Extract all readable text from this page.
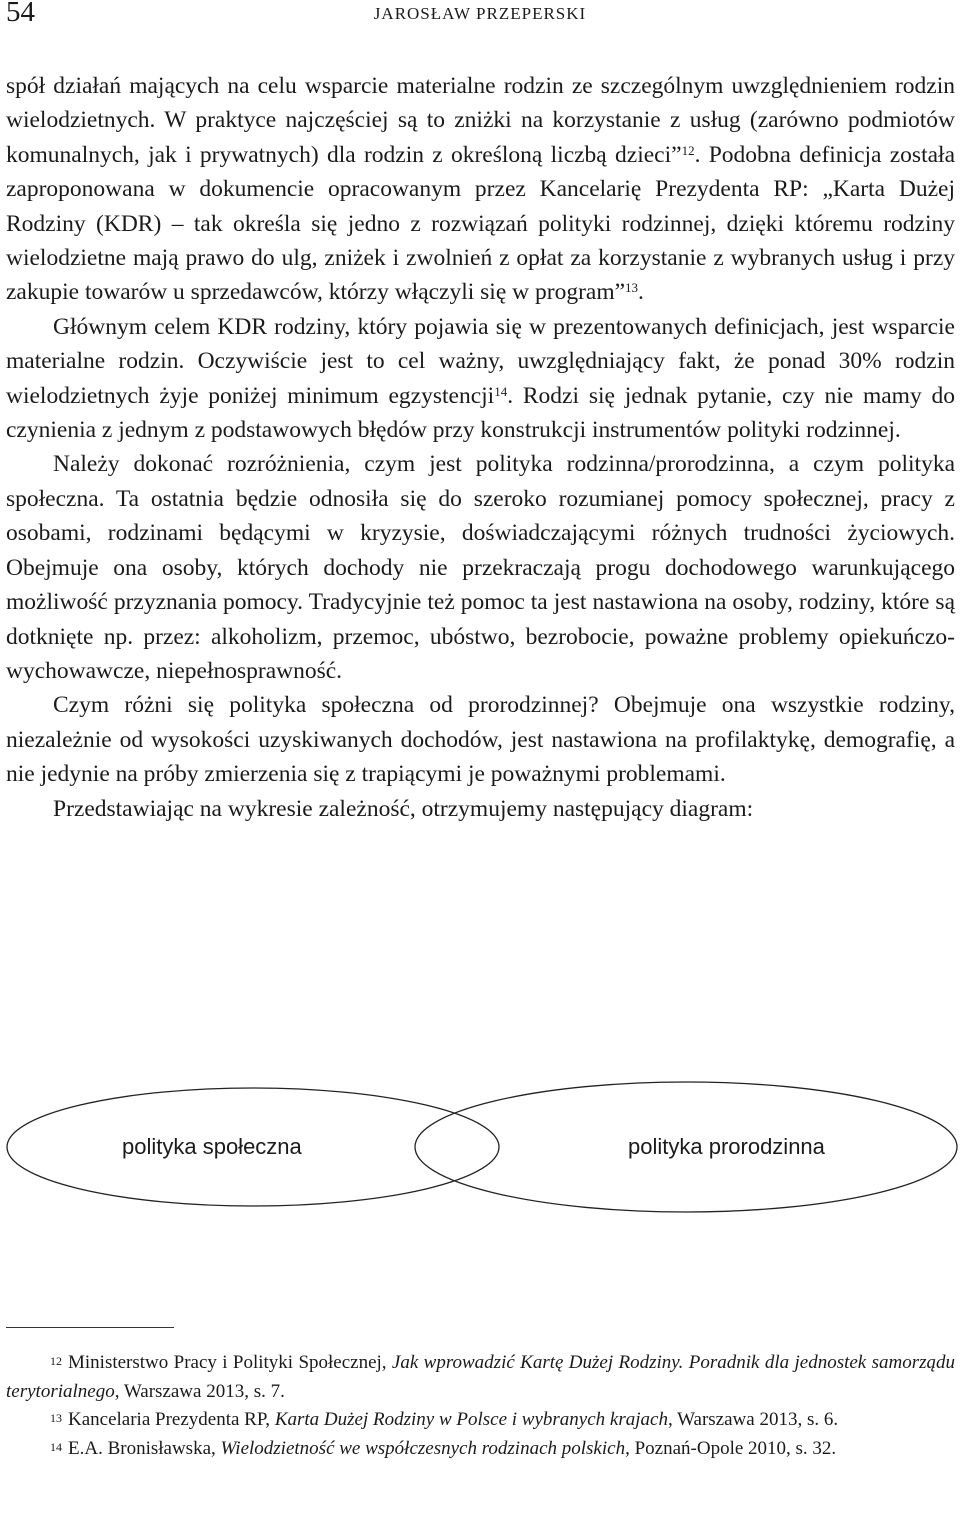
54	JAROSŁAW PRZEPERSKI

spół działań mających na celu wsparcie materialne rodzin ze szczególnym uwzględnieniem rodzin wielodzietnych. W praktyce najczęściej są to zniżki na korzystanie z usług (zarówno podmiotów komunalnych, jak i prywatnych) dla rodzin z określoną liczbą dzieci”$^{12}$. Podobna definicja została zaproponowana w dokumencie opracowanym przez Kancelarię Prezydenta RP: „Karta Dużej Rodziny (KDR) – tak określa się jedno z rozwiązań polityki rodzinnej, dzięki któremu rodziny wielodzietne mają prawo do ulg, zniżek i zwolnień z opłat za korzystanie z wybranych usług i przy zakupie towarów u sprzedawców, którzy włączyli się w program”$^{13}$.

Głównym celem KDR rodziny, który pojawia się w prezentowanych definicjach, jest wsparcie materialne rodzin. Oczywiście jest to cel ważny, uwzględniający fakt, że ponad 30% rodzin wielodzietnych żyje poniżej minimum egzystencji$^{14}$. Rodzi się jednak pytanie, czy nie mamy do czynienia z jednym z podstawowych błędów przy konstrukcji instrumentów polityki rodzinnej.

Należy dokonać rozróżnienia, czym jest polityka rodzinna/prorodzinna, a czym polityka społeczna. Ta ostatnia będzie odnosiła się do szeroko rozumianej pomocy społecznej, pracy z osobami, rodzinami będącymi w kryzysie, doświadczającymi różnych trudności życiowych. Obejmuje ona osoby, których dochody nie przekraczają progu dochodowego warunkującego możliwość przyznania pomocy. Tradycyjnie też pomoc ta jest nastawiona na osoby, rodziny, które są dotknięte np. przez: alkoholizm, przemoc, ubóstwo, bezrobocie, poważne problemy opiekuńczo-wychowawcze, niepełnosprawność.

Czym różni się polityka społeczna od prorodzinnej? Obejmuje ona wszystkie rodziny, niezależnie od wysokości uzyskiwanych dochodów, jest nastawiona na profilaktykę, demografię, a nie jedynie na próby zmierzenia się z trapiącymi je poważnymi problemami.

Przedstawiając na wykresie zależność, otrzymujemy następujący diagram:

polityka społeczna	polityka prorodzinna

$^{12}$ Ministerstwo Pracy i Polityki Społecznej, Jak wprowadzić Kartę Dużej Rodziny. Poradnik dla jednostek samorządu terytorialnego, Warszawa 2013, s. 7.

$^{13}$ Kancelaria Prezydenta RP, Karta Dużej Rodziny w Polsce i wybranych krajach, Warszawa 2013, s. 6.

$^{14}$ E.A. Bronisławska, Wielodzietność we współczesnych rodzinach polskich, Poznań-Opole 2010, s. 32.
